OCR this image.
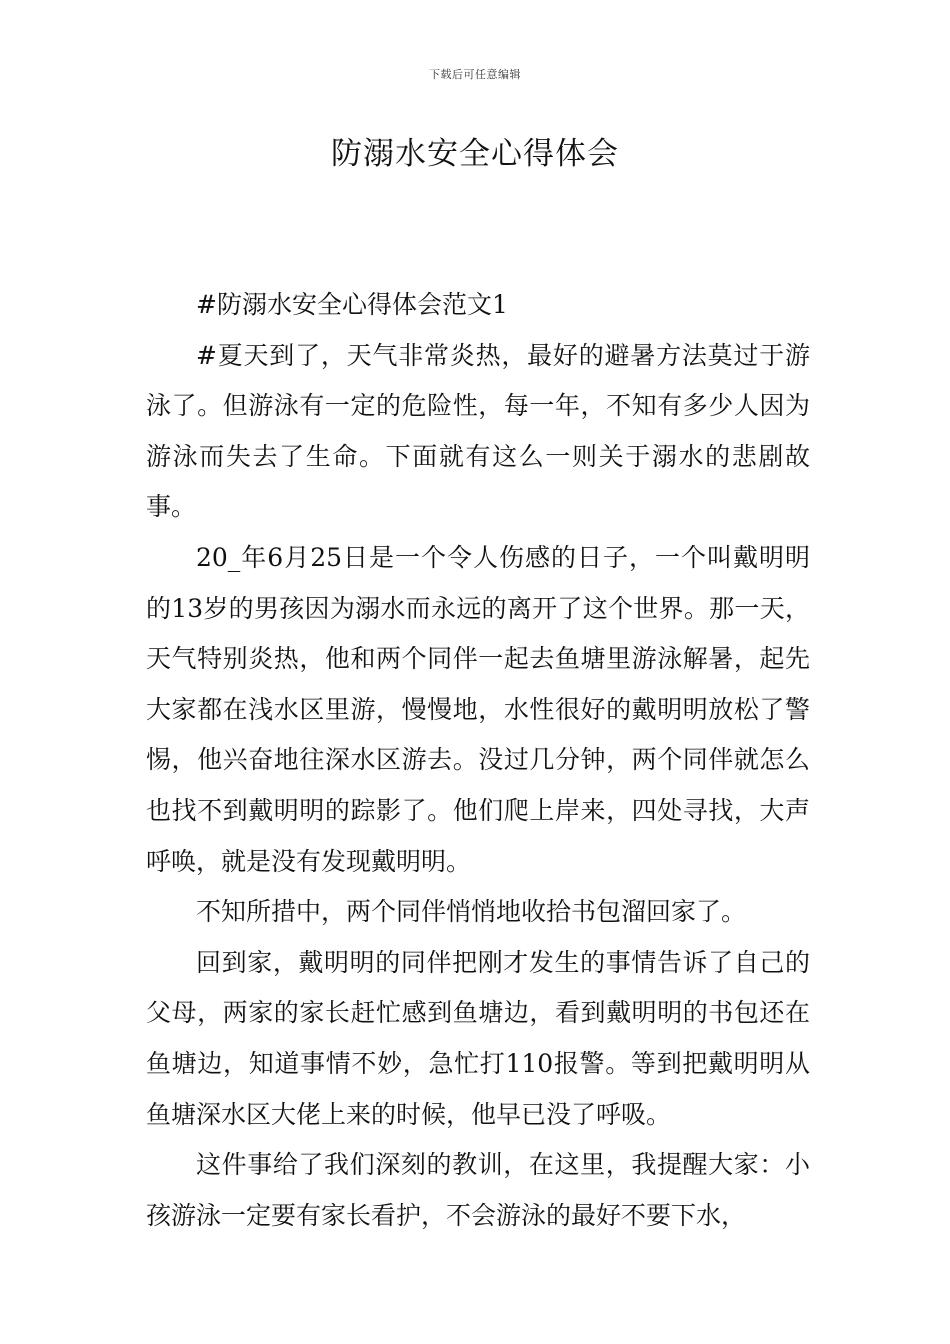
下载后可任意编辑
防溺水安全心得体会

#防溺水安全心得体会范文1

#夏天到了，天气非常炎热，最好的避暑方法莫过于游泳了。但游泳有一定的危险性，每一年，不知有多少人因为游泳而失去了生命。下面就有这么一则关于溺水的悲剧故事。

20_年6月25日是一个令人伤感的日子，一个叫戴明明的13岁的男孩因为溺水而永远的离开了这个世界。那一天，天气特别炎热，他和两个同伴一起去鱼塘里游泳解暑，起先大家都在浅水区里游，慢慢地，水性很好的戴明明放松了警惕，他兴奋地往深水区游去。没过几分钟，两个同伴就怎么也找不到戴明明的踪影了。他们爬上岸来，四处寻找，大声呼唤，就是没有发现戴明明。

不知所措中，两个同伴悄悄地收拾书包溜回家了。

回到家，戴明明的同伴把刚才发生的事情告诉了自己的父母，两家的家长赶忙感到鱼塘边，看到戴明明的书包还在鱼塘边，知道事情不妙，急忙打110报警。等到把戴明明从鱼塘深水区大佬上来的时候，他早已没了呼吸。

这件事给了我们深刻的教训，在这里，我提醒大家：小孩游泳一定要有家长看护，不会游泳的最好不要下水，
